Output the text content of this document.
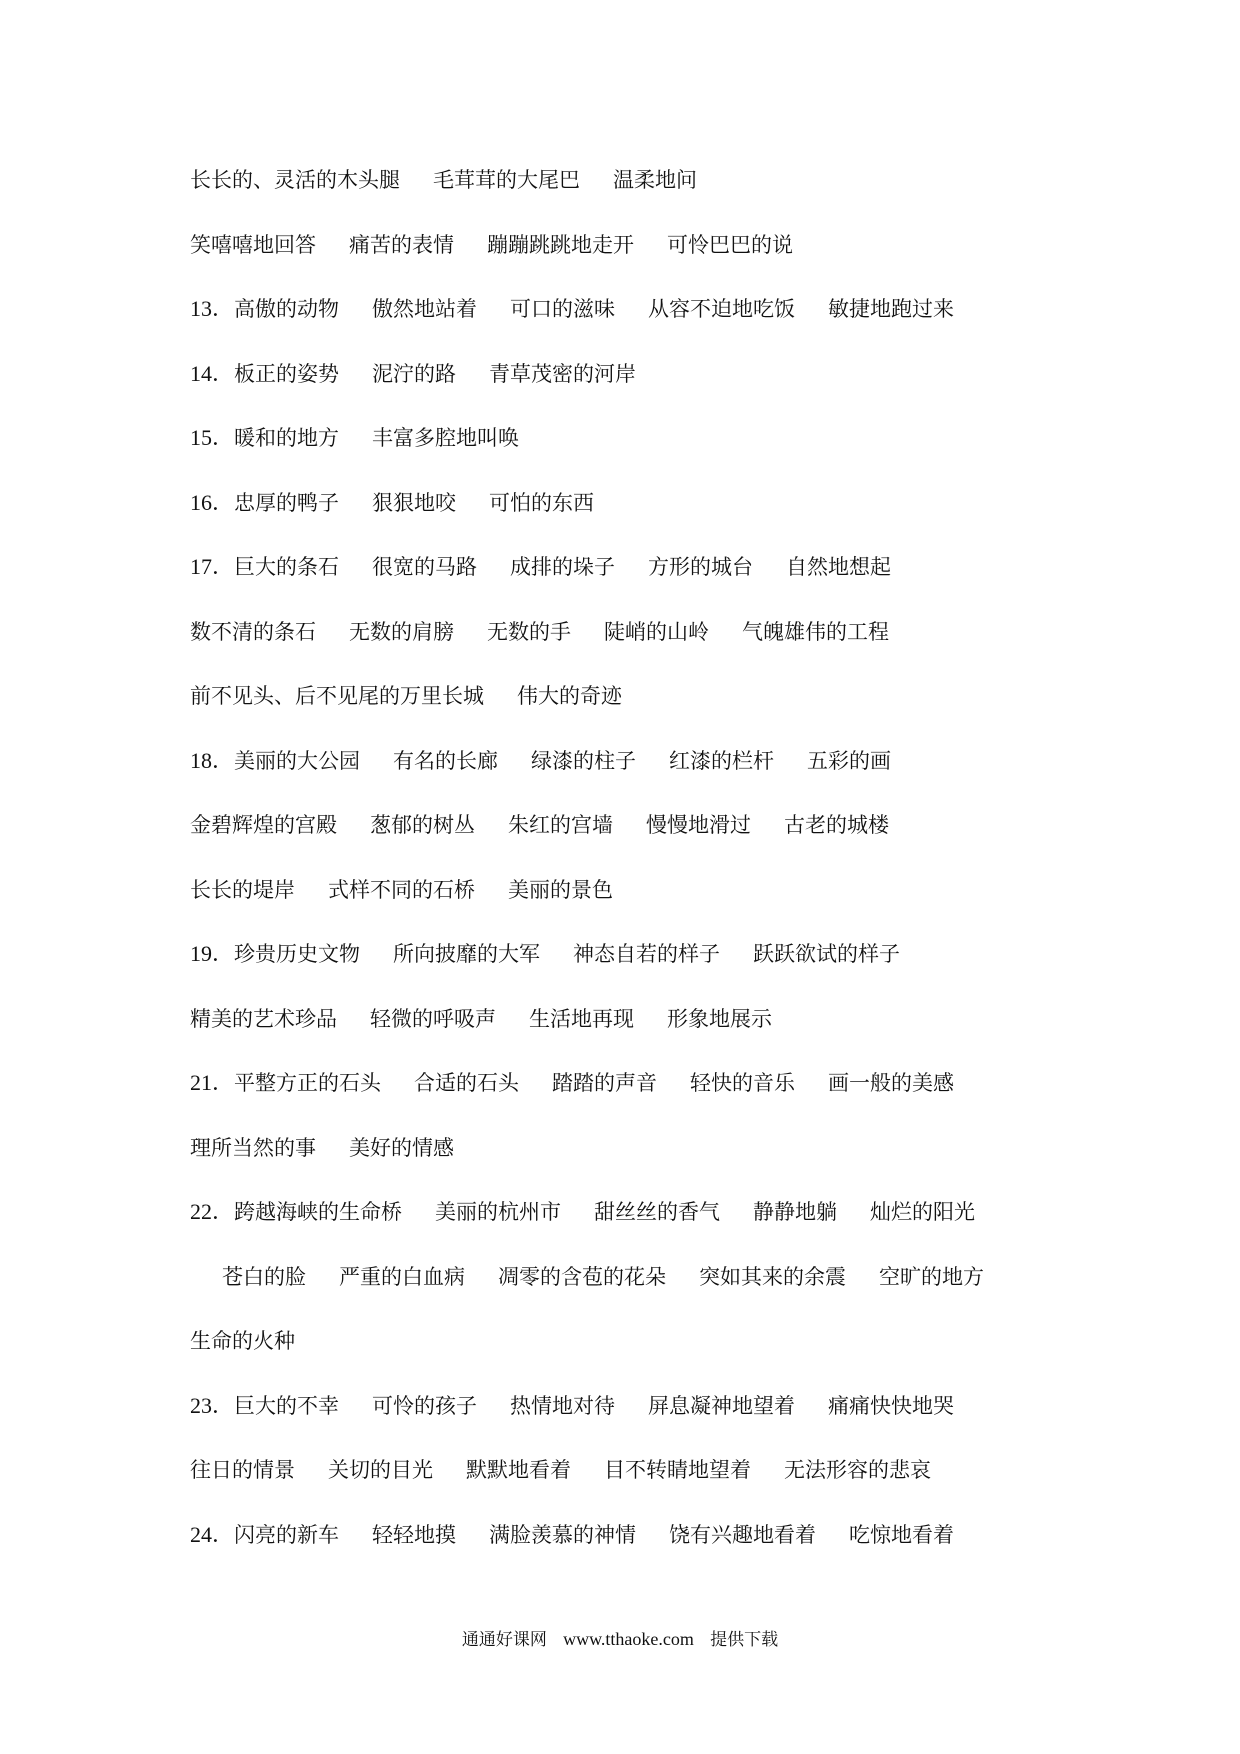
长长的、灵活的木头腿 毛茸茸的大尾巴 温柔地问
笑嘻嘻地回答 痛苦的表情 蹦蹦跳跳地走开 可怜巴巴的说
13． 高傲的动物 傲然地站着 可口的滋味 从容不迫地吃饭 敏捷地跑过来
14． 板正的姿势 泥泞的路 青草茂密的河岸
15． 暖和的地方 丰富多腔地叫唤
16． 忠厚的鸭子 狠狠地咬 可怕的东西
17． 巨大的条石 很宽的马路 成排的垛子 方形的城台 自然地想起
数不清的条石 无数的肩膀 无数的手 陡峭的山岭 气魄雄伟的工程
前不见头、后不见尾的万里长城 伟大的奇迹
18． 美丽的大公园 有名的长廊 绿漆的柱子 红漆的栏杆 五彩的画
金碧辉煌的宫殿 葱郁的树丛 朱红的宫墙 慢慢地滑过 古老的城楼
长长的堤岸 式样不同的石桥 美丽的景色
19． 珍贵历史文物 所向披靡的大军 神态自若的样子 跃跃欲试的样子
精美的艺术珍品 轻微的呼吸声 生活地再现 形象地展示
21． 平整方正的石头 合适的石头 踏踏的声音 轻快的音乐 画一般的美感
理所当然的事 美好的情感
22． 跨越海峡的生命桥 美丽的杭州市 甜丝丝的香气 静静地躺 灿烂的阳光
苍白的脸 严重的白血病 凋零的含苞的花朵 突如其来的余震 空旷的地方
生命的火种
23． 巨大的不幸 可怜的孩子 热情地对待 屏息凝神地望着 痛痛快快地哭
往日的情景 关切的目光 默默地看着 目不转睛地望着 无法形容的悲哀
24． 闪亮的新车 轻轻地摸 满脸羡慕的神情 饶有兴趣地看着 吃惊地看着
通通好课网 www.tthaoke.com 提供下载
